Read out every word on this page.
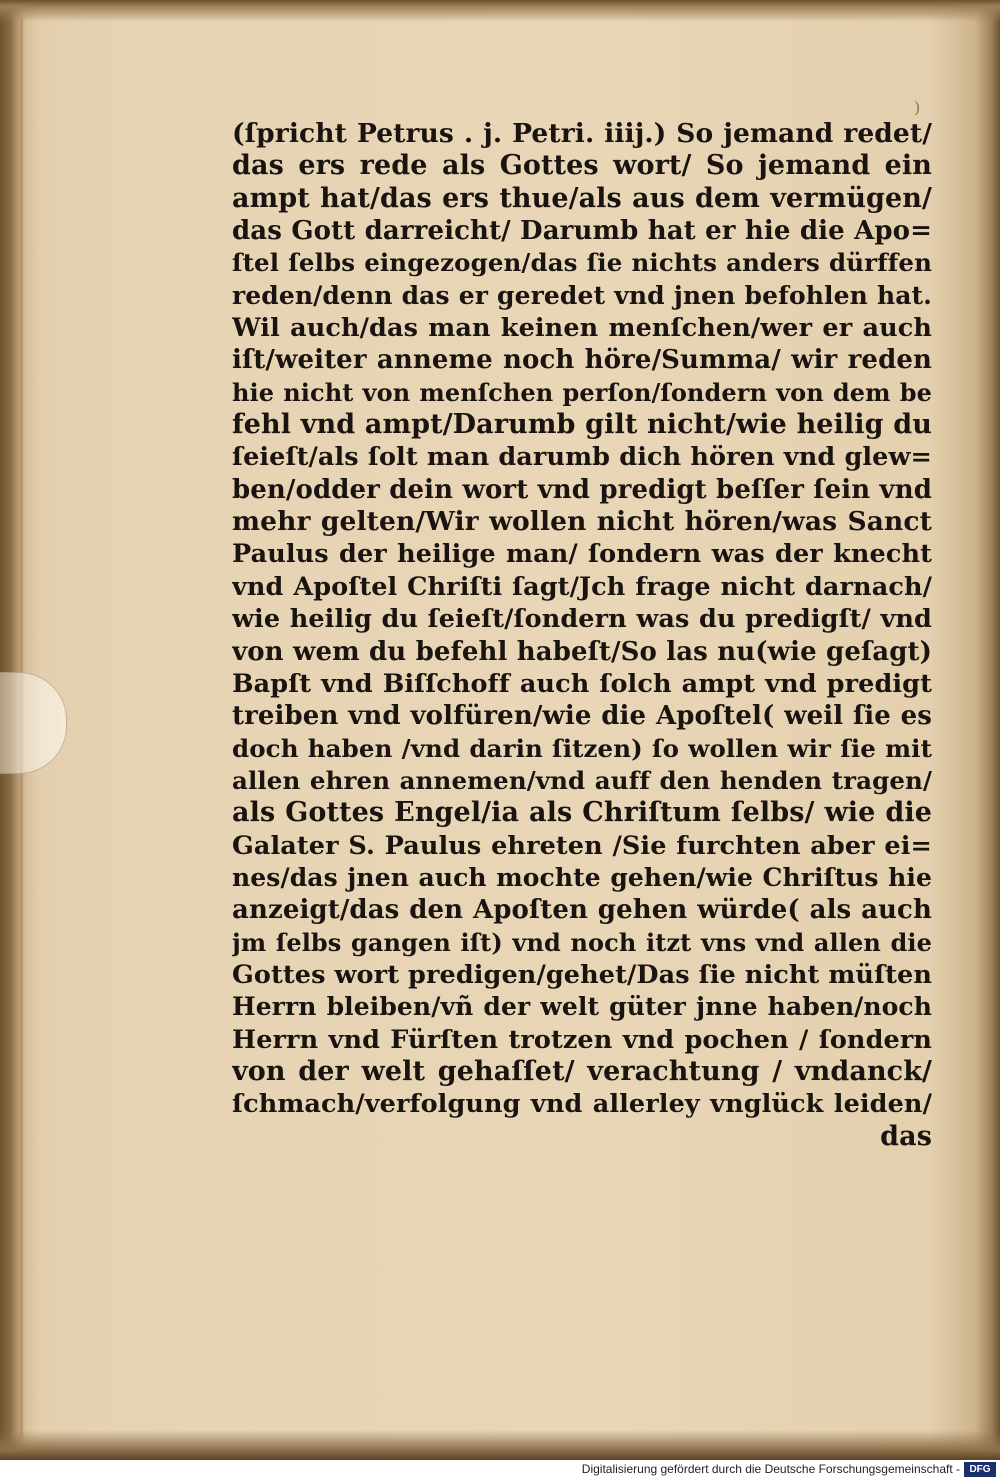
)
(ſpricht Petrus . j. Petri. iiij.) So jemand redet/
das ers rede als Gottes wort/ So jemand ein
ampt hat/das ers thue/als aus dem vermügen/
das Gott darreicht/ Darumb hat er hie die Apo=
ſtel ſelbs eingezogen/das ſie nichts anders dürffen
reden/denn das er geredet vnd jnen befohlen hat.
Wil auch/das man keinen menſchen/wer er auch
iſt/weiter anneme noch höre/Summa/ wir reden
hie nicht von menſchen perſon/ſondern von dem be
fehl vnd ampt/Darumb gilt nicht/wie heilig du
ſeieſt/als ſolt man darumb dich hören vnd glew=
ben/odder dein wort vnd predigt beſſer ſein vnd
mehr gelten/Wir wollen nicht hören/was Sanct
Paulus der heilige man/ ſondern was der knecht
vnd Apoſtel Chriſti ſagt/Jch frage nicht darnach/
wie heilig du ſeieſt/ſondern was du predigſt/ vnd
von wem du befehl habeſt/So las nu(wie geſagt)
Bapſt vnd Biſſchoff auch ſolch ampt vnd predigt
treiben vnd volfüren/wie die Apoſtel( weil ſie es
doch haben /vnd darin ſitzen) ſo wollen wir ſie mit
allen ehren annemen/vnd auff den henden tragen/
als Gottes Engel/ia als Chriſtum ſelbs/ wie die
Galater S. Paulus ehreten /Sie furchten aber ei=
nes/das jnen auch mochte gehen/wie Chriſtus hie
anzeigt/das den Apoſten gehen würde( als auch
jm ſelbs gangen iſt) vnd noch itzt vns vnd allen die
Gottes wort predigen/gehet/Das ſie nicht müſten
Herrn bleiben/vñ der welt güter jnne haben/noch
Herrn vnd Fürſten trotzen vnd pochen / ſondern
von der welt gehaſſet/ verachtung / vndanck/
ſchmach/verfolgung vnd allerley vnglück leiden/
das
Digitalisierung gefördert durch die Deutsche Forschungsgemeinschaft - DFG
